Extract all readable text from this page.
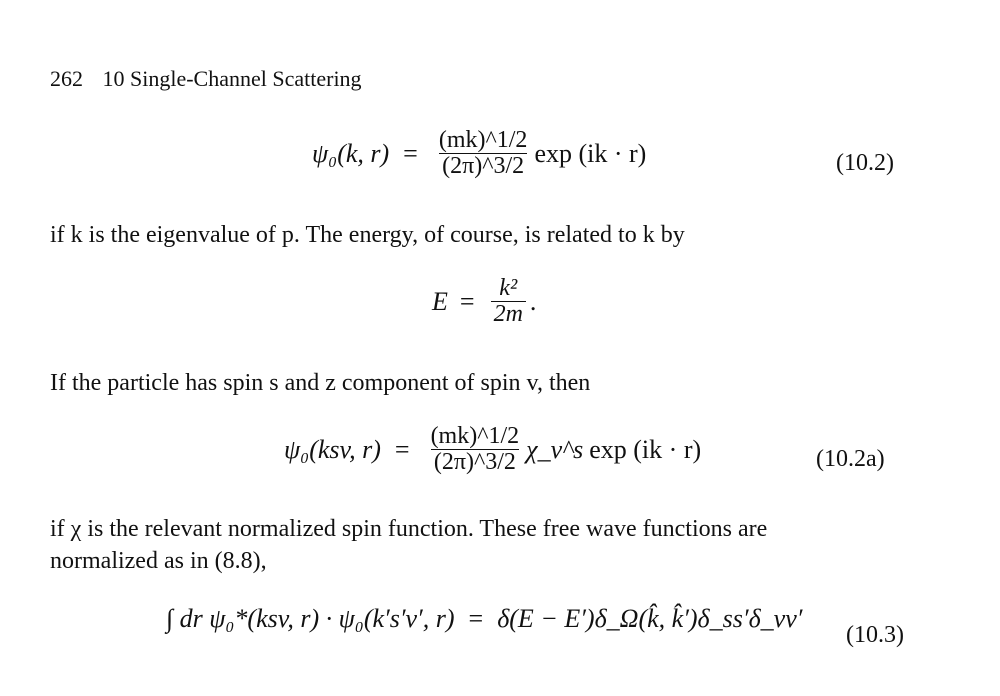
262 10 Single-Channel Scattering
ψ₀(k, $r) = \frac{(mk)\^{}1/2}{(2\pi)\^{}3/2}$ exp (ik · r)	(10.2)
if k is the eigenvalue of p. The energy, of course, is related to k by
$E = \frac{\text{k²}}{2m}$ .
If the particle has spin s and z component of spin v, then
ψ₀(ksv, $r) = \frac{(mk)\^{}1/2}{(2\pi)\^{}3/2}$ χ_v^s exp (ik · r)	(10.2a)
if χ is the relevant normalized spin function. These free wave functions are
normalized as in (8.8),
∫ dr ψ₀*(ksv, r) · ψ₀(k′s′v′, r) = δ(E − E′)δ_Ω(k̂, k̂′)δ_ss′δ_vv′
(10.3)
